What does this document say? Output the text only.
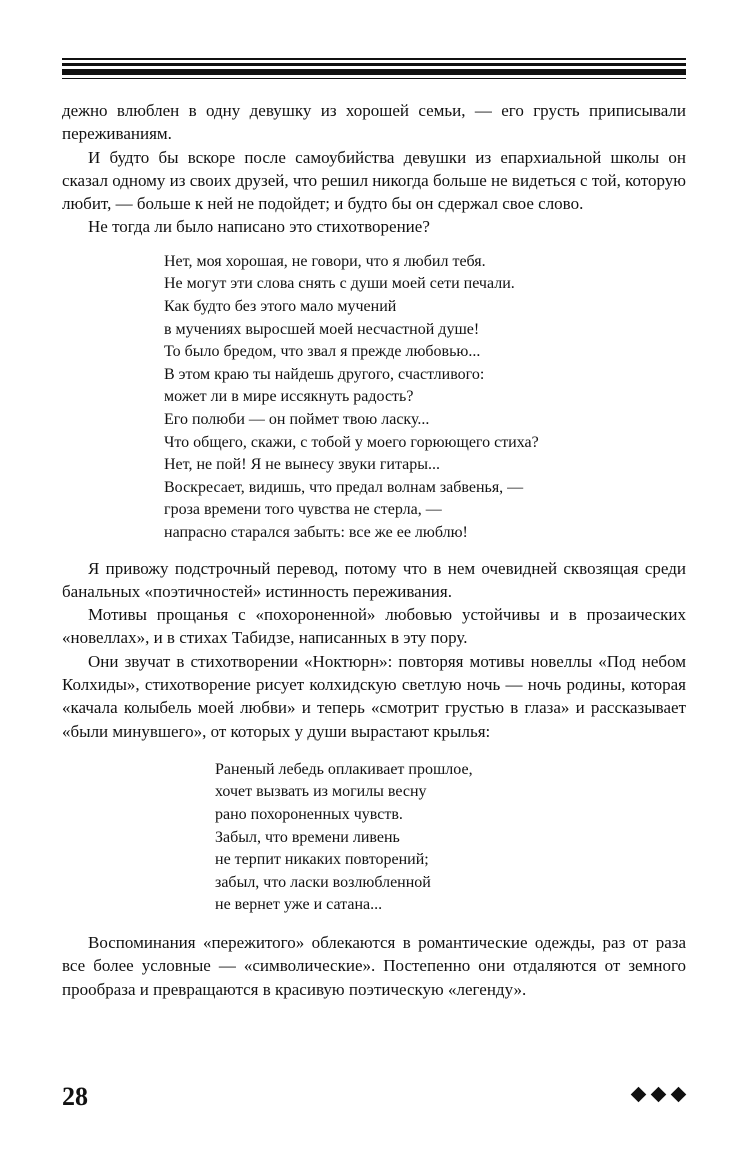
дежно влюблен в одну девушку из хорошей семьи, — его грусть приписывали переживаниям.

И будто бы вскоре после самоубийства девушки из епархиальной школы он сказал одному из своих друзей, что решил никогда больше не видеться с той, которую любит, — больше к ней не подойдет; и будто бы он сдержал свое слово.

Не тогда ли было написано это стихотворение?

Нет, моя хорошая, не говори, что я любил тебя.
Не могут эти слова снять с души моей сети печали.
Как будто без этого мало мучений
в мучениях выросшей моей несчастной душе!
То было бредом, что звал я прежде любовью...
В этом краю ты найдешь другого, счастливого:
может ли в мире иссякнуть радость?
Его полюби — он поймет твою ласку...
Что общего, скажи, с тобой у моего горюющего стиха?
Нет, не пой! Я не вынесу звуки гитары...
Воскресает, видишь, что предал волнам забвенья, —
гроза времени того чувства не стерла, —
напрасно старался забыть: все же ее люблю!

Я привожу подстрочный перевод, потому что в нем очевидней сквозящая среди банальных «поэтичностей» истинность переживания.

Мотивы прощанья с «похороненной» любовью устойчивы и в прозаических «новеллах», и в стихах Табидзе, написанных в эту пору.

Они звучат в стихотворении «Ноктюрн»: повторяя мотивы новеллы «Под небом Колхиды», стихотворение рисует колхидскую светлую ночь — ночь родины, которая «качала колыбель моей любви» и теперь «смотрит грустью в глаза» и рассказывает «были минувшего», от которых у души вырастают крылья:

Раненый лебедь оплакивает прошлое,
хочет вызвать из могилы весну
рано похороненных чувств.
Забыл, что времени ливень
не терпит никаких повторений;
забыл, что ласки возлюбленной
не вернет уже и сатана...

Воспоминания «пережитого» облекаются в романтические одежды, раз от раза все более условные — «символические». Постепенно они отдаляются от земного прообраза и превращаются в красивую поэтическую «легенду».

28
